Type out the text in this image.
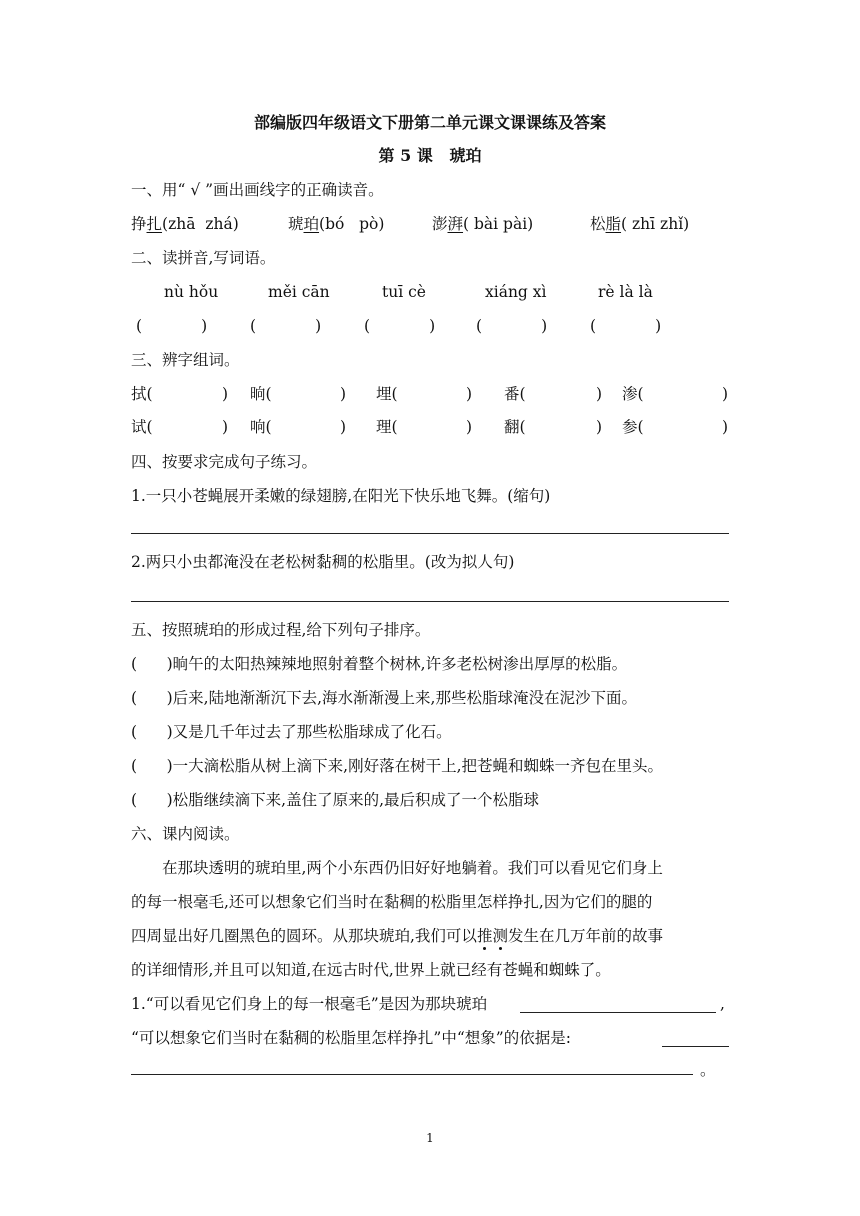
部编版四年级语文下册第二单元课文课课练及答案
第 5 课   琥珀
一、用“ √ ”画出画线字的正确读音。
挣扎(zhā  zhá)	琥珀(bó   pò)	澎湃( bài pài)	松脂( zhī zhǐ)
二、读拼音,写词语。
nù hǒu	měi cān	tuī cè	xiáng xì	rè là là
(            )	(            )	(            )	(            )	(            )
三、辨字组词。
拭(	) 晌(	) 埋(	) 番(	) 渗(	)
试(	) 响(	) 理(	) 翻(	) 参(	)
四、按要求完成句子练习。
1.一只小苍蝇展开柔嫩的绿翅膀,在阳光下快乐地飞舞。(缩句)
2.两只小虫都淹没在老松树黏稠的松脂里。(改为拟人句)
五、按照琥珀的形成过程,给下列句子排序。
(      )晌午的太阳热辣辣地照射着整个树林,许多老松树渗出厚厚的松脂。
(      )后来,陆地渐渐沉下去,海水渐渐漫上来,那些松脂球淹没在泥沙下面。
(      )又是几千年过去了那些松脂球成了化石。
(      )一大滴松脂从树上滴下来,刚好落在树干上,把苍蝇和蜘蛛一齐包在里头。
(      )松脂继续滴下来,盖住了原来的,最后积成了一个松脂球
六、课内阅读。
在那块透明的琥珀里,两个小东西仍旧好好地躺着。我们可以看见它们身上
的每一根毫毛,还可以想象它们当时在黏稠的松脂里怎样挣扎,因为它们的腿的
四周显出好几圈黑色的圆环。从那块琥珀,我们可以推测发生在几万年前的故事
的详细情形,并且可以知道,在远古时代,世界上就已经有苍蝇和蜘蛛了。
1.“可以看见它们身上的每一根毫毛”是因为那块琥珀	,
“可以想象它们当时在黏稠的松脂里怎样挣扎”中“想象”的依据是:
。
1
